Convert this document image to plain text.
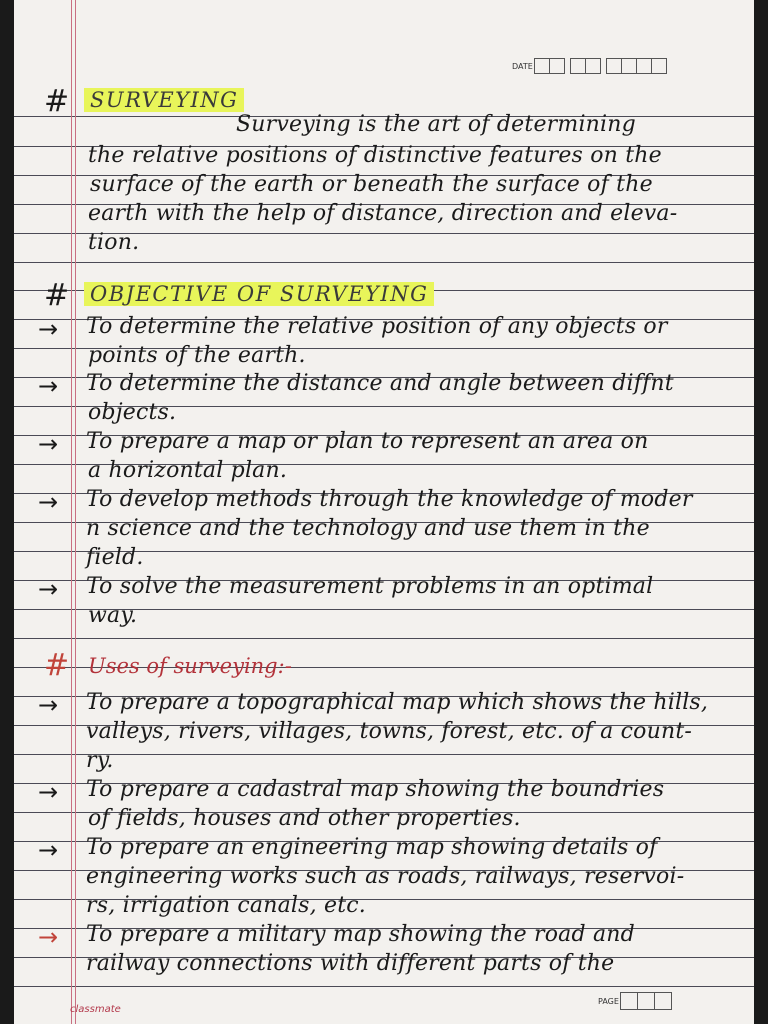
DATE
# SURVEYING
Surveying is the art of determining
the relative positions of distinctive features on the
surface of the earth or beneath the surface of the
earth with the help of distance, direction and eleva-
tion.
# OBJECTIVE OF SURVEYING
→ To determine the relative position of any objects or
points of the earth.
→ To determine the distance and angle between diffnt
objects.
→ To prepare a map or plan to represent an area on
a horizontal plan.
→ To develop methods through the knowledge of moder
n science and the technology and use them in the
field.
→ To solve the measurement problems in an optimal
way.
# Uses of surveying:-
→ To prepare a topographical map which shows the hills,
valleys, rivers, villages, towns, forest, etc. of a count-
ry.
→ To prepare a cadastral map showing the boundries
of fields, houses and other properties.
→ To prepare an engineering map showing details of
engineering works such as roads, railways, reservoi-
rs, irrigation canals, etc.
→ To prepare a military map showing the road and
railway connections with different parts of the
classmate
PAGE
